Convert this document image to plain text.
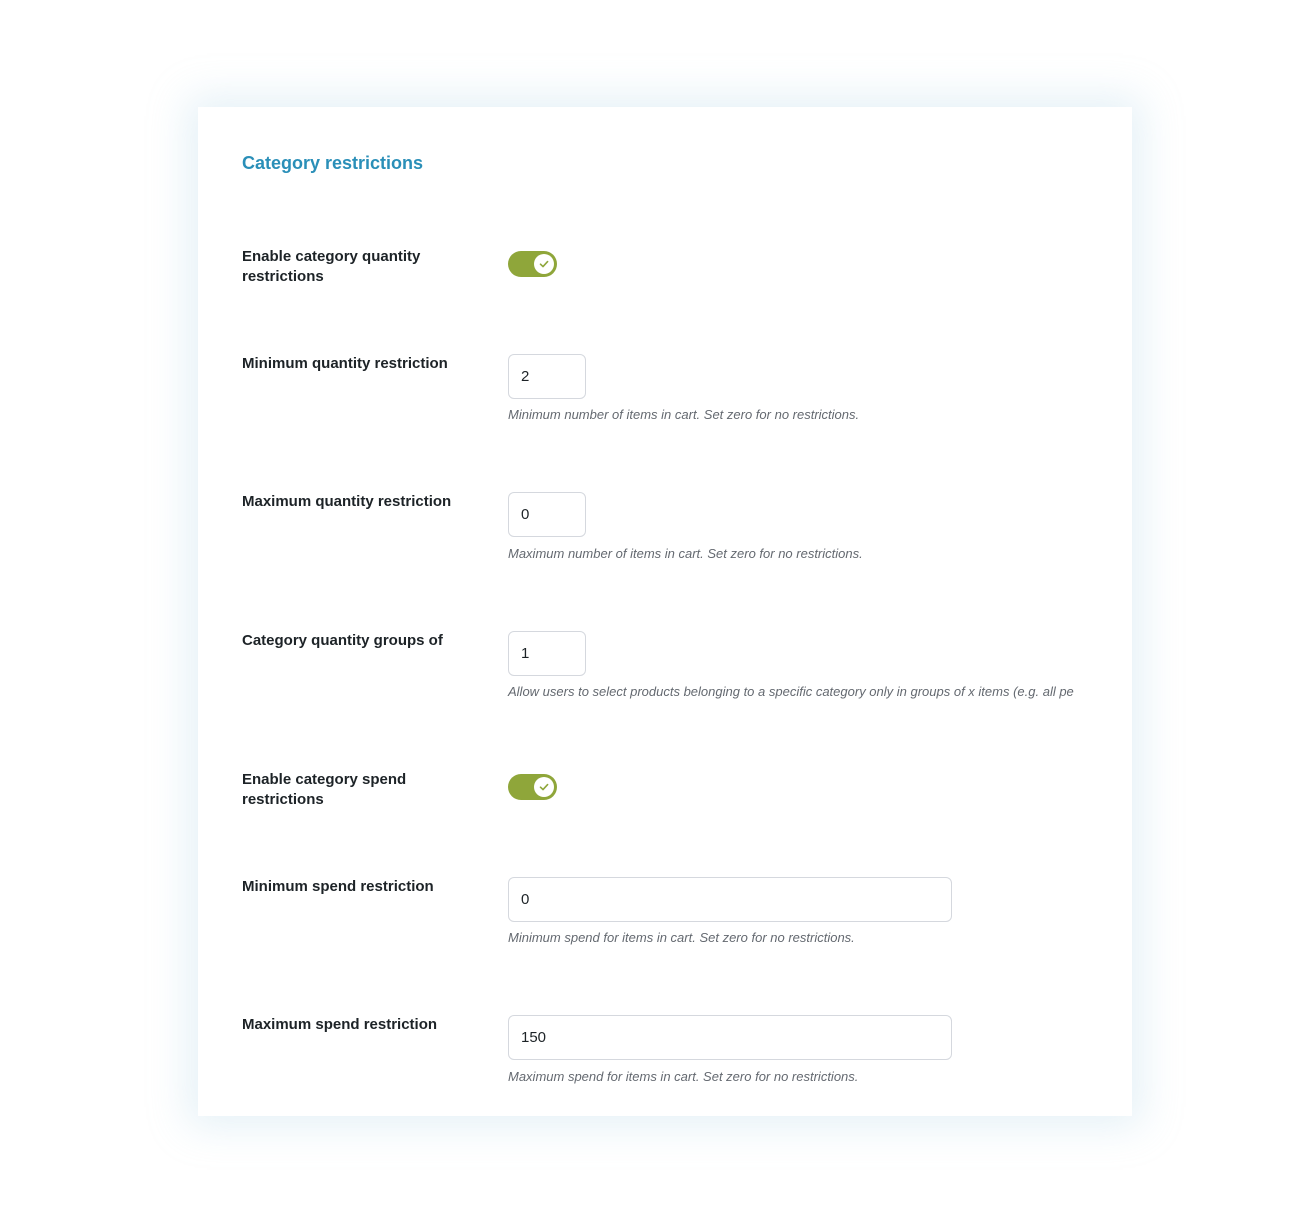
Category restrictions
Enable category quantity restrictions
Minimum quantity restriction
2
Minimum number of items in cart. Set zero for no restrictions.
Maximum quantity restriction
0
Maximum number of items in cart. Set zero for no restrictions.
Category quantity groups of
1
Allow users to select products belonging to a specific category only in groups of x items (e.g. all pe
Enable category spend restrictions
Minimum spend restriction
0
Minimum spend for items in cart. Set zero for no restrictions.
Maximum spend restriction
150
Maximum spend for items in cart. Set zero for no restrictions.
